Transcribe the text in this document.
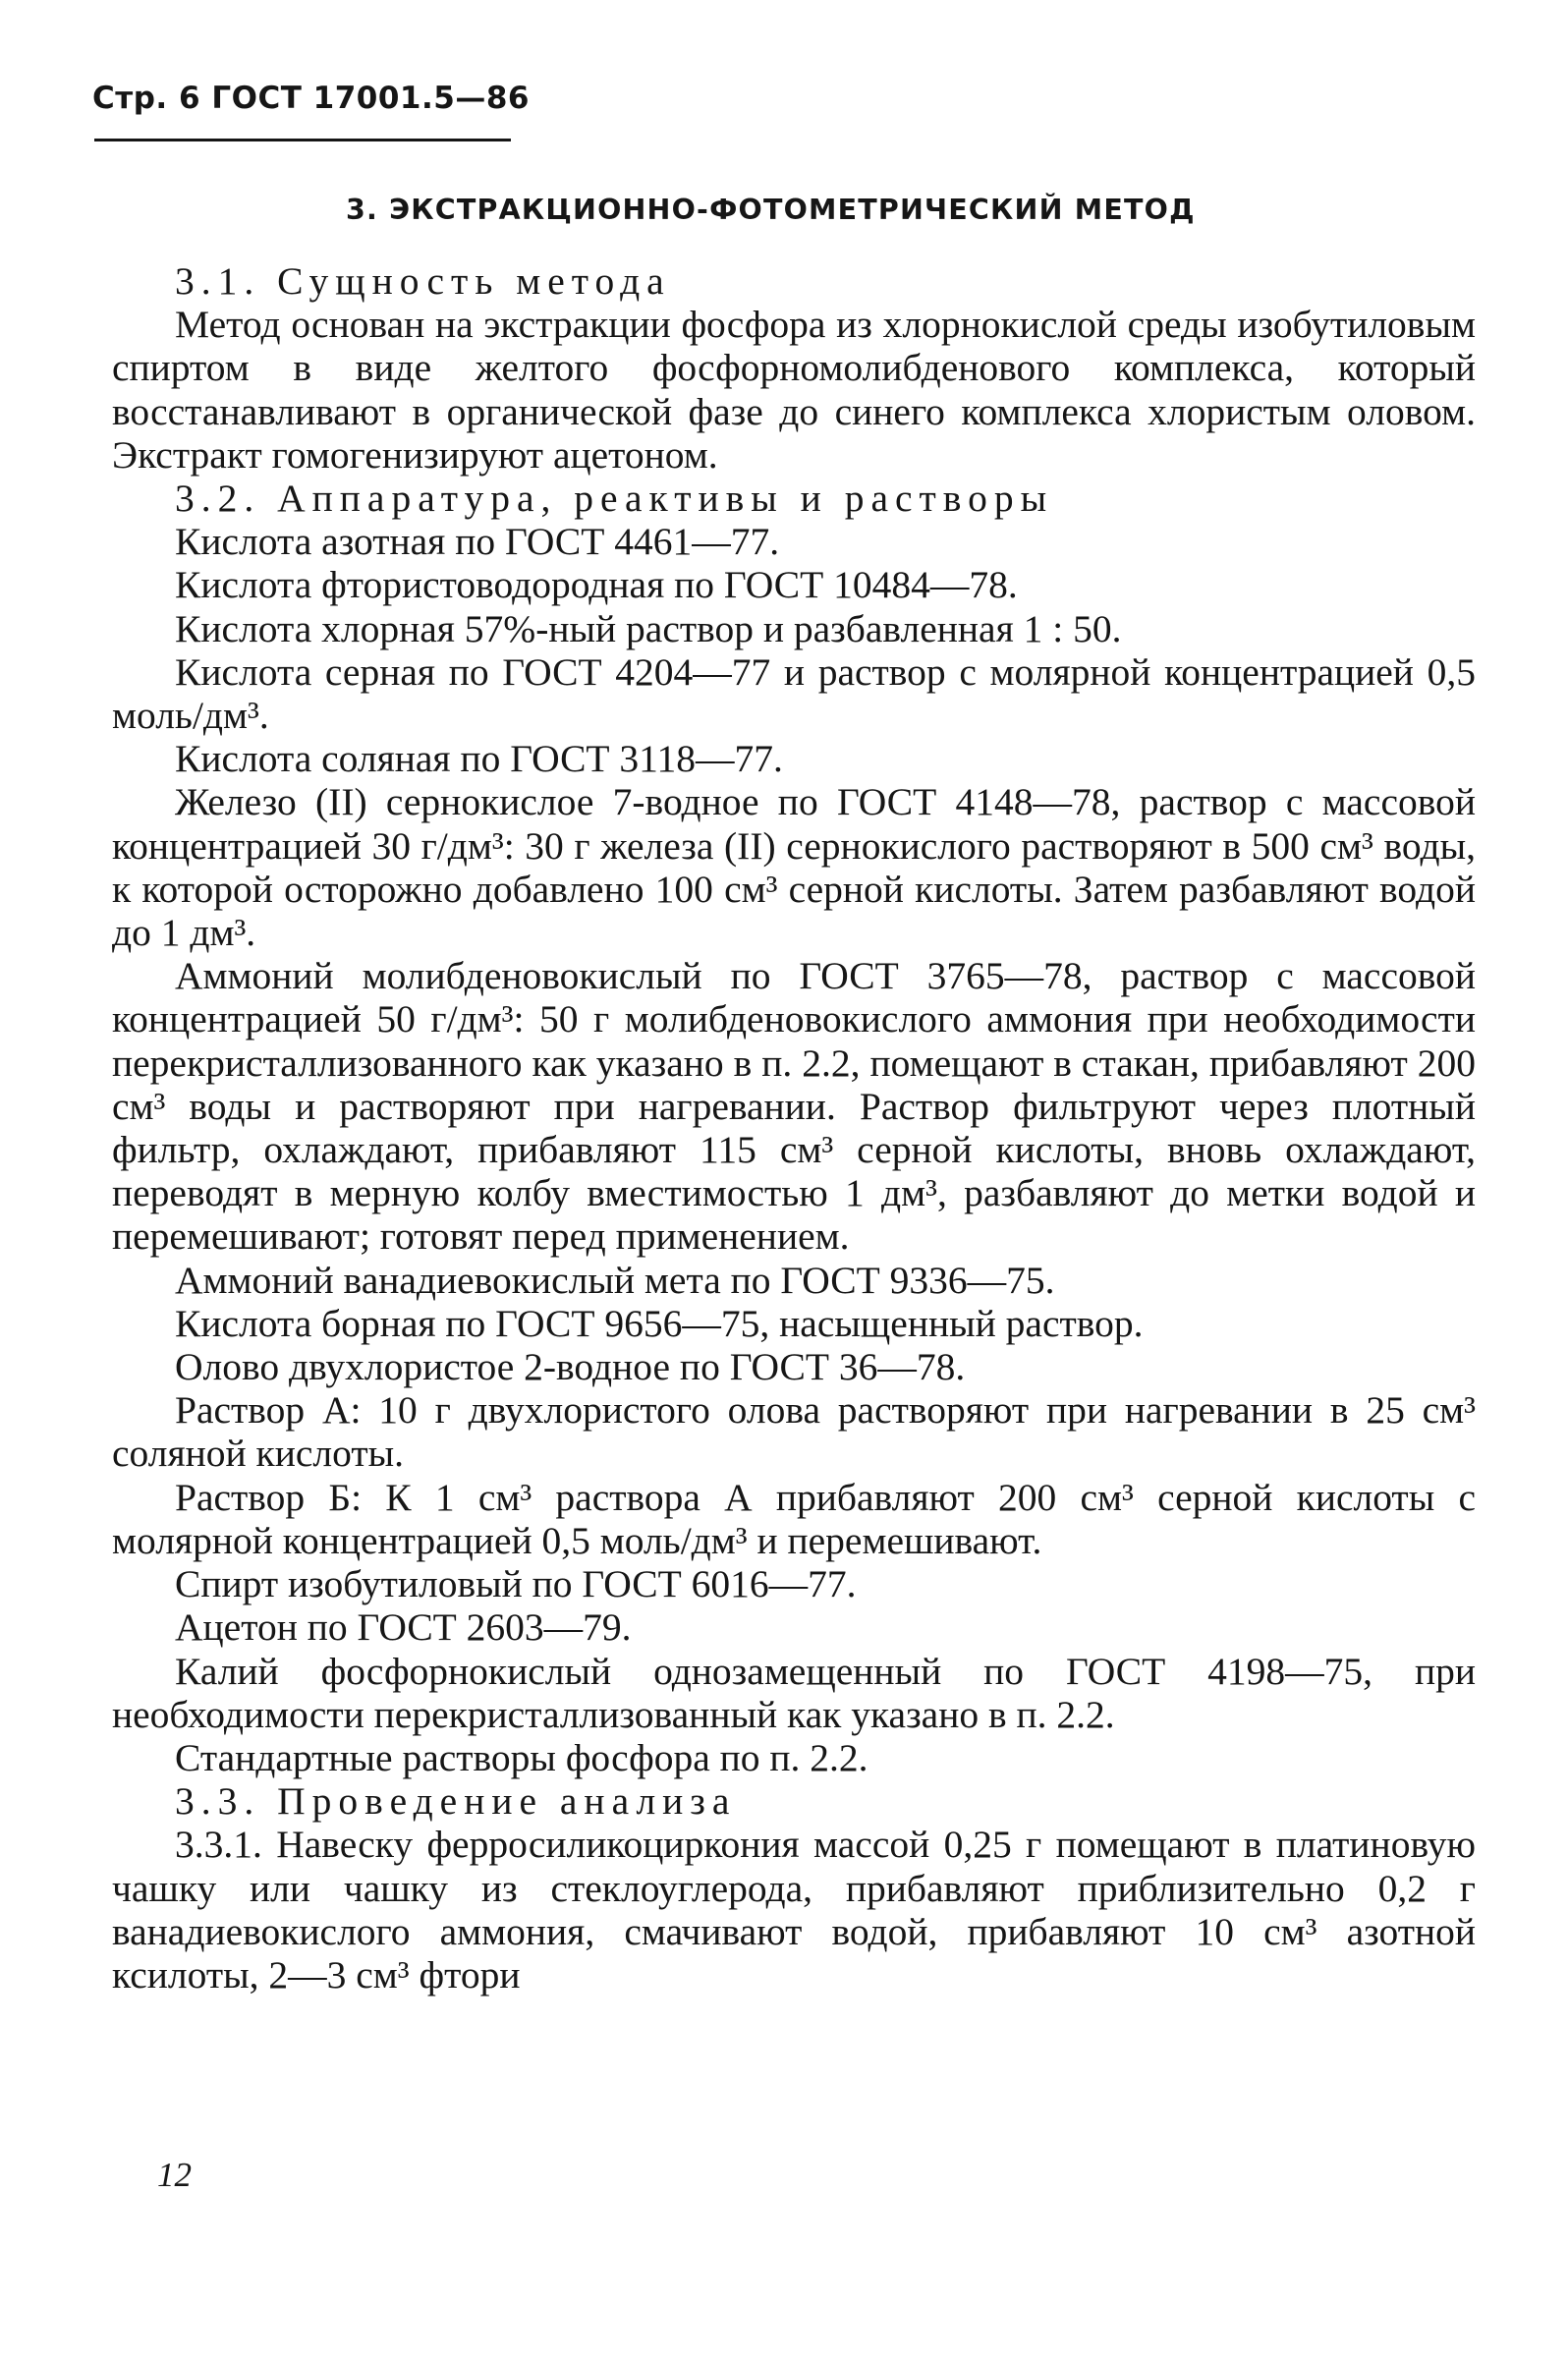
Стр. 6 ГОСТ 17001.5—86
3. ЭКСТРАКЦИОННО-ФОТОМЕТРИЧЕСКИЙ МЕТОД

3.1. Сущность метода

Метод основан на экстракции фосфора из хлорнокислой среды изобутиловым спиртом в виде желтого фосфорномолибденового комплекса, который восстанавливают в органической фазе до синего комплекса хлористым оловом. Экстракт гомогенизируют ацетоном.

3.2. Аппаратура, реактивы и растворы

Кислота азотная по ГОСТ 4461—77.

Кислота фтористоводородная по ГОСТ 10484—78.

Кислота хлорная 57%-ный раствор и разбавленная 1 : 50.

Кислота серная по ГОСТ 4204—77 и раствор с молярной концентрацией 0,5 моль/дм³.

Кислота соляная по ГОСТ 3118—77.

Железо (II) сернокислое 7-водное по ГОСТ 4148—78, раствор с массовой концентрацией 30 г/дм³: 30 г железа (II) сернокислого растворяют в 500 см³ воды, к которой осторожно добавлено 100 см³ серной кислоты. Затем разбавляют водой до 1 дм³.

Аммоний молибденовокислый по ГОСТ 3765—78, раствор с массовой концентрацией 50 г/дм³: 50 г молибденовокислого аммония при необходимости перекристаллизованного как указано в п. 2.2, помещают в стакан, прибавляют 200 см³ воды и растворяют при нагревании. Раствор фильтруют через плотный фильтр, охлаждают, прибавляют 115 см³ серной кислоты, вновь охлаждают, переводят в мерную колбу вместимостью 1 дм³, разбавляют до метки водой и перемешивают; готовят перед применением.

Аммоний ванадиевокислый мета по ГОСТ 9336—75.

Кислота борная по ГОСТ 9656—75, насыщенный раствор.

Олово двухлористое 2-водное по ГОСТ 36—78.

Раствор А: 10 г двухлористого олова растворяют при нагревании в 25 см³ соляной кислоты.

Раствор Б: К 1 см³ раствора А прибавляют 200 см³ серной кислоты с молярной концентрацией 0,5 моль/дм³ и перемешивают.

Спирт изобутиловый по ГОСТ 6016—77.

Ацетон по ГОСТ 2603—79.

Калий фосфорнокислый однозамещенный по ГОСТ 4198—75, при необходимости перекристаллизованный как указано в п. 2.2.

Стандартные растворы фосфора по п. 2.2.

3.3. Проведение анализа

3.3.1. Навеску ферросиликоциркония массой 0,25 г помещают в платиновую чашку или чашку из стеклоуглерода, прибавляют приблизительно 0,2 г ванадиевокислого аммония, смачивают водой, прибавляют 10 см³ азотной ксилоты, 2—3 см³ фтори

12
